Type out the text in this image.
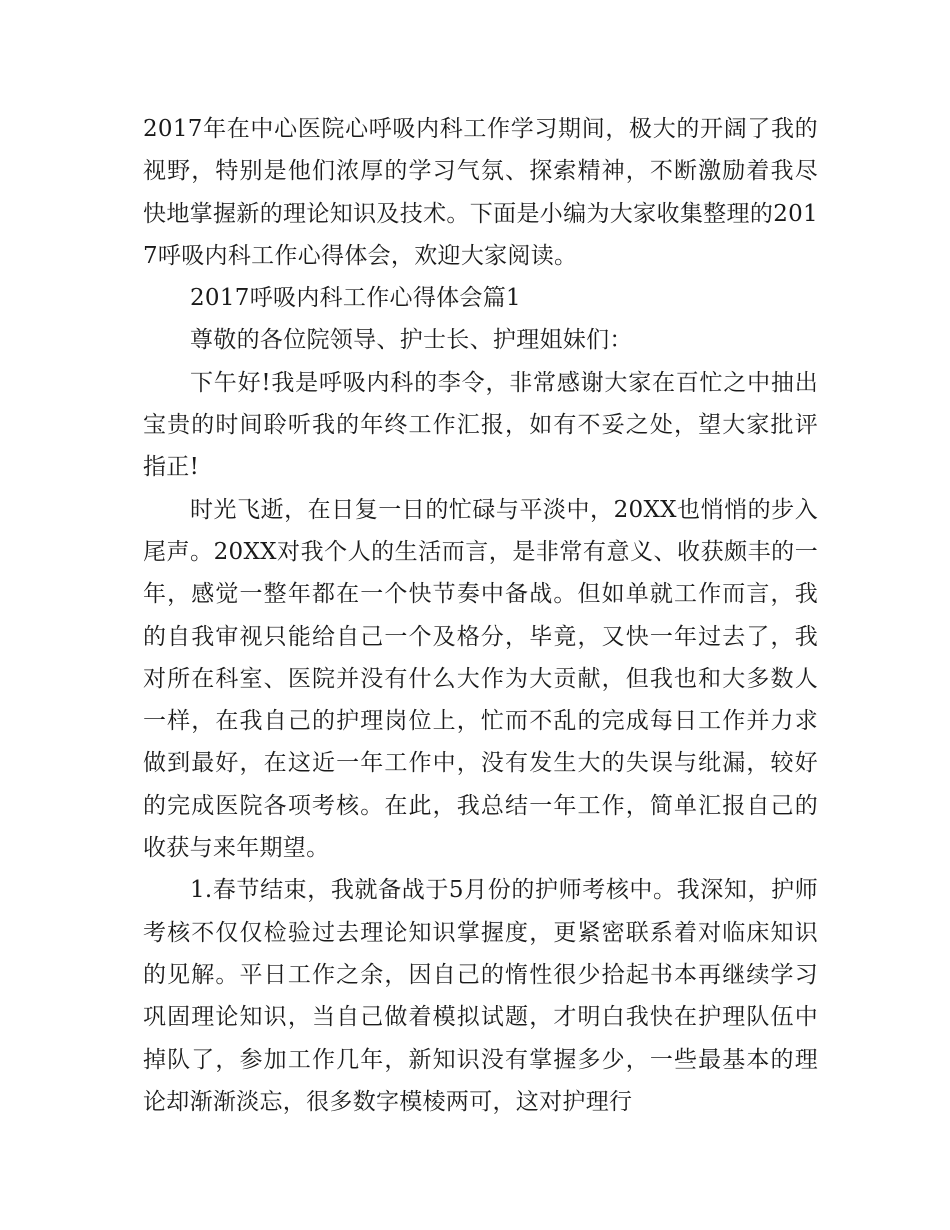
2017年在中心医院心呼吸内科工作学习期间，极大的开阔了我的视野，特别是他们浓厚的学习气氛、探索精神，不断激励着我尽快地掌握新的理论知识及技术。下面是小编为大家收集整理的2017呼吸内科工作心得体会，欢迎大家阅读。

2017呼吸内科工作心得体会篇1

尊敬的各位院领导、护士长、护理姐妹们：

下午好!我是呼吸内科的李令，非常感谢大家在百忙之中抽出宝贵的时间聆听我的年终工作汇报，如有不妥之处，望大家批评指正!

时光飞逝，在日复一日的忙碌与平淡中，20XX也悄悄的步入尾声。20XX对我个人的生活而言，是非常有意义、收获颇丰的一年，感觉一整年都在一个快节奏中备战。但如单就工作而言，我的自我审视只能给自己一个及格分，毕竟，又快一年过去了，我对所在科室、医院并没有什么大作为大贡献，但我也和大多数人一样，在我自己的护理岗位上，忙而不乱的完成每日工作并力求做到最好，在这近一年工作中，没有发生大的失误与纰漏，较好的完成医院各项考核。在此，我总结一年工作，简单汇报自己的收获与来年期望。

1.春节结束，我就备战于5月份的护师考核中。我深知，护师考核不仅仅检验过去理论知识掌握度，更紧密联系着对临床知识的见解。平日工作之余，因自己的惰性很少拾起书本再继续学习巩固理论知识，当自己做着模拟试题，才明白我快在护理队伍中掉队了，参加工作几年，新知识没有掌握多少，一些最基本的理论却渐渐淡忘，很多数字模棱两可，这对护理行
